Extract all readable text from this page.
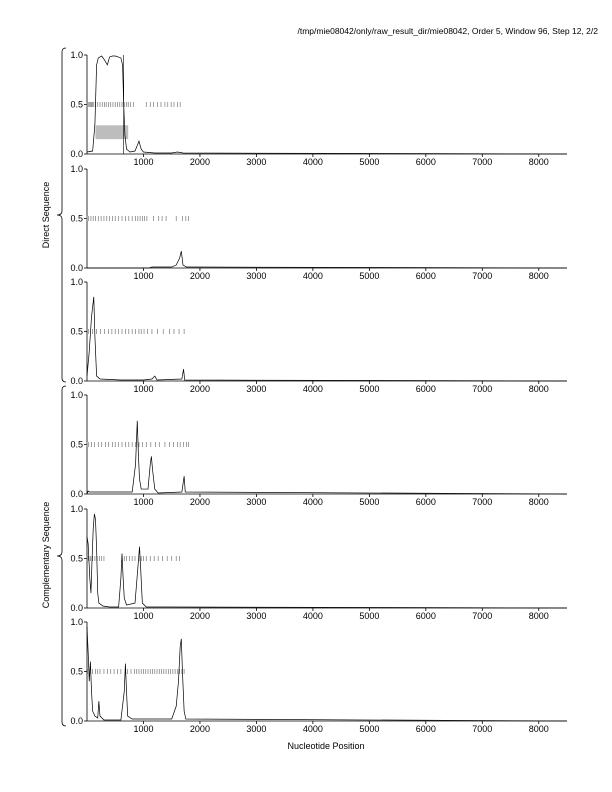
/tmp/mie08042/only/raw_result_dir/mie08042, Order 5, Window 96, Step 12, 2/2
0.0
0.5
1.0
1000	2000	3000	4000	5000	6000	7000	8000
0.0
0.5
1.0
1000	2000	3000	4000	5000	6000	7000	8000
0.0
0.5
1.0
1000	2000	3000	4000	5000	6000	7000	8000
0.0
0.5
1.0
1000	2000	3000	4000	5000	6000	7000	8000
0.0
0.5
1.0
1000	2000	3000	4000	5000	6000	7000	8000
0.0
0.5
1.0
1000	2000	3000	4000	5000	6000	7000	8000
Nucleotide Position
Direct Sequence
Complementary Sequence
